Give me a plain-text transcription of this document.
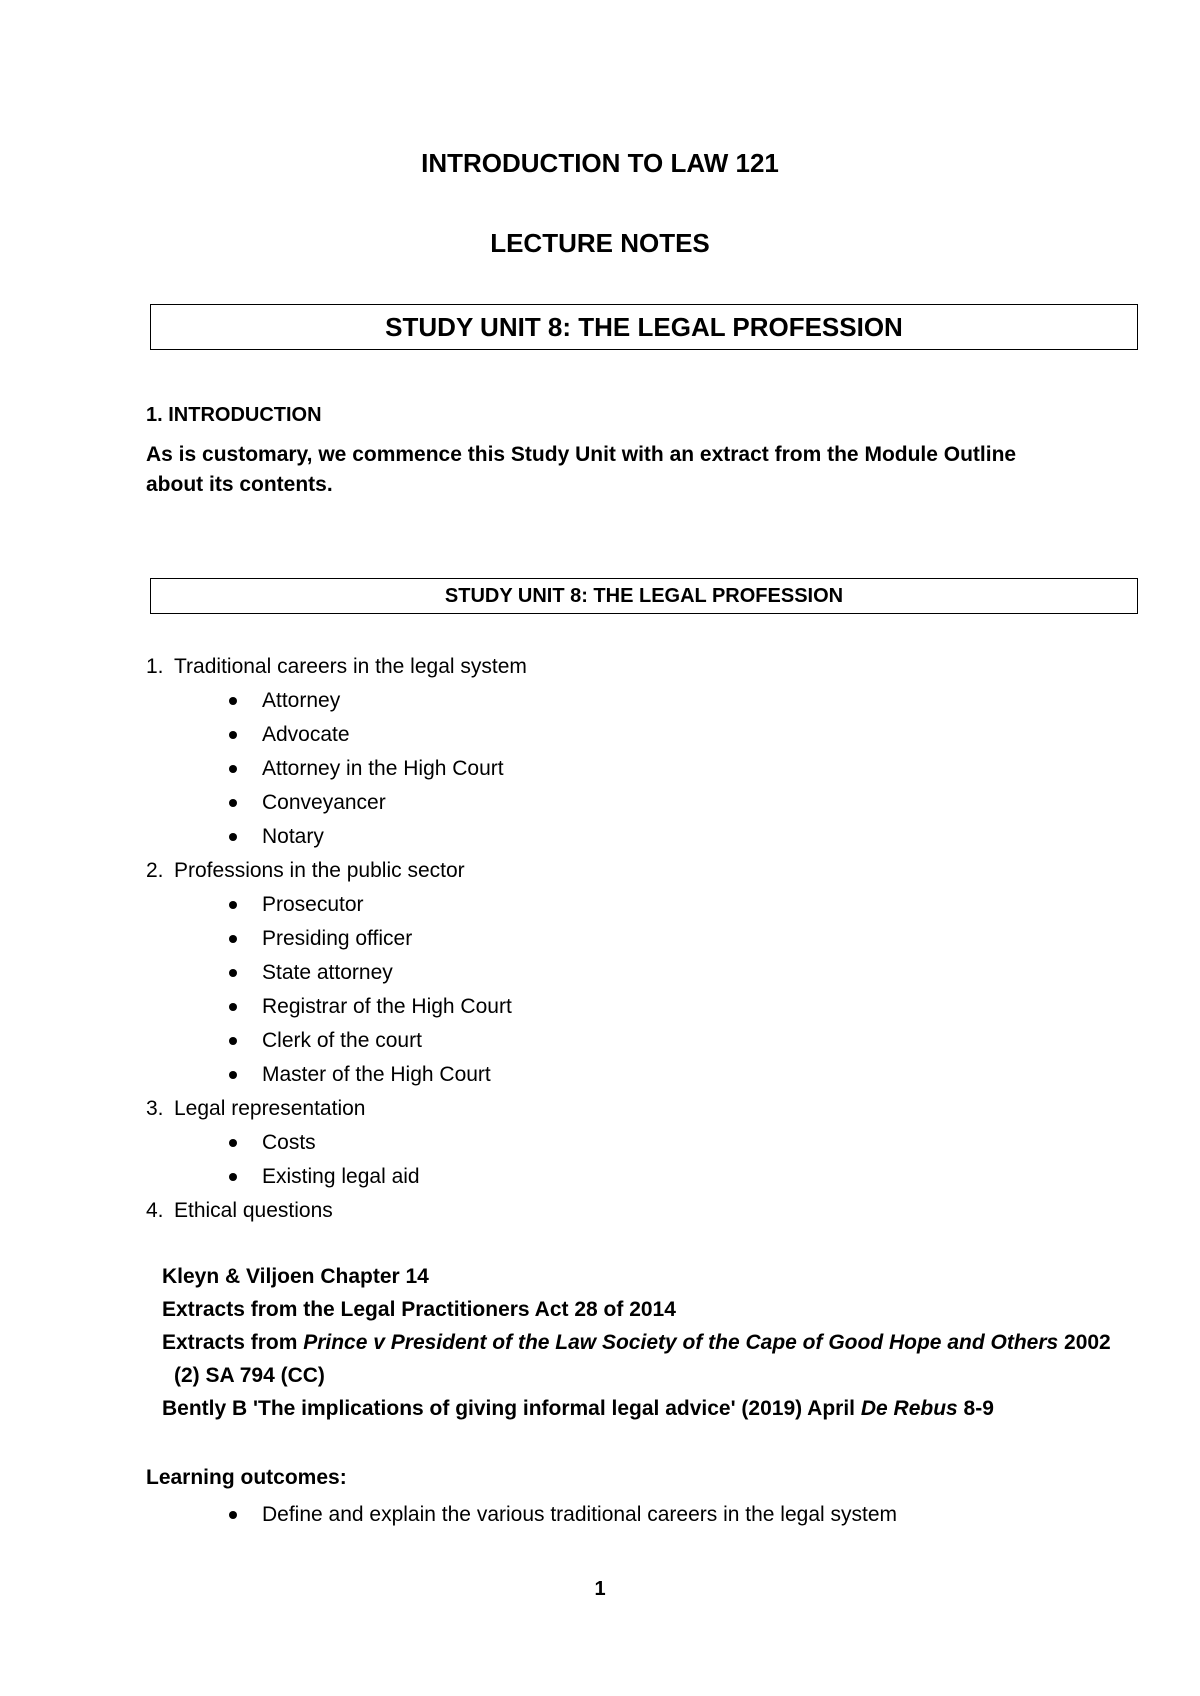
INTRODUCTION TO LAW 121
LECTURE NOTES
STUDY UNIT 8: THE LEGAL PROFESSION
1. INTRODUCTION
As is customary, we commence this Study Unit with an extract from the Module Outline about its contents.
STUDY UNIT 8: THE LEGAL PROFESSION
1. Traditional careers in the legal system
Attorney
Advocate
Attorney in the High Court
Conveyancer
Notary
2. Professions in the public sector
Prosecutor
Presiding officer
State attorney
Registrar of the High Court
Clerk of the court
Master of the High Court
3. Legal representation
Costs
Existing legal aid
4. Ethical questions
Kleyn & Viljoen Chapter 14
Extracts from the Legal Practitioners Act 28 of 2014
Extracts from Prince v President of the Law Society of the Cape of Good Hope and Others 2002
(2) SA 794 (CC)
Bently B 'The implications of giving informal legal advice' (2019) April De Rebus 8-9
Learning outcomes:
Define and explain the various traditional careers in the legal system
1
